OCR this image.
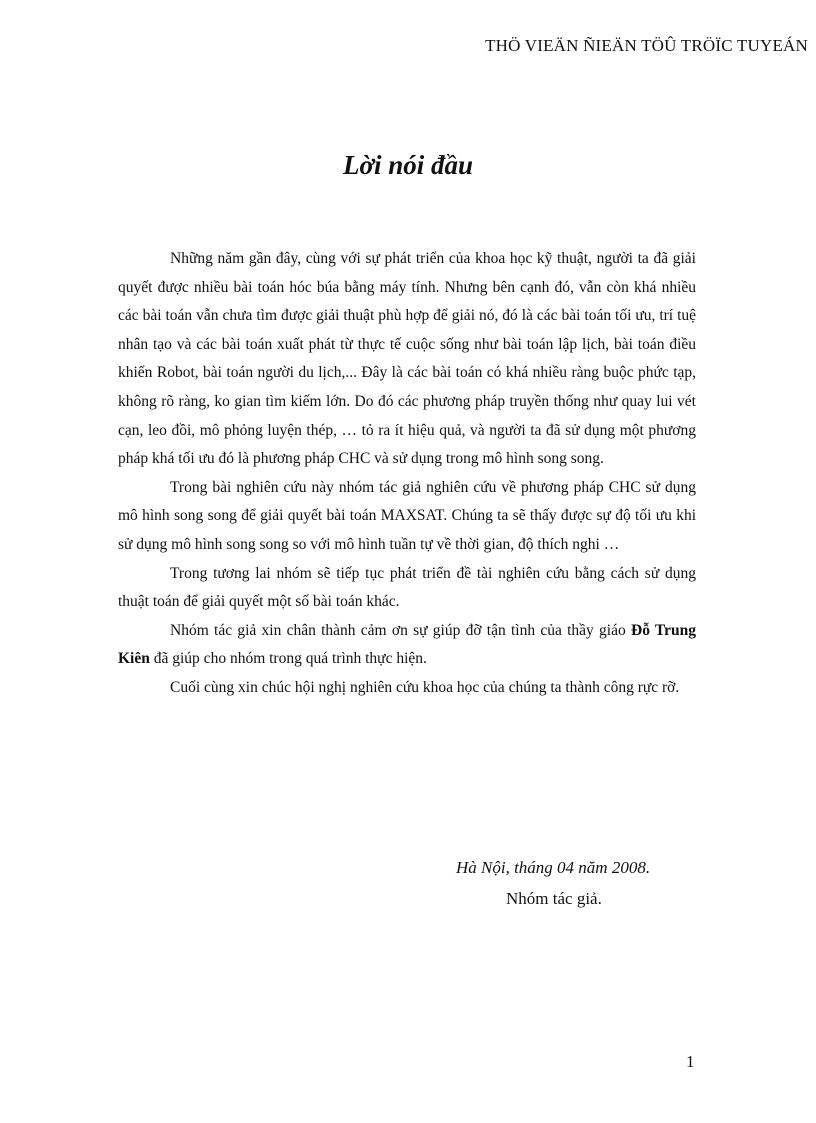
THÖ VIEÄN ÑIEÄN TÖÛ TRÖÏC TUYEÁN
Lời nói đầu

Những năm gần đây, cùng với sự phát triển của khoa học kỹ thuật, người ta đã giải quyết được nhiều bài toán hóc búa bằng máy tính. Nhưng bên cạnh đó, vẫn còn khá nhiều các bài toán vẫn chưa tìm được giải thuật phù hợp để giải nó, đó là các bài toán tối ưu, trí tuệ nhân tạo và các bài toán xuất phát từ thực tế cuộc sống như bài toán lập lịch, bài toán điều khiển Robot, bài toán người du lịch,... Đây là các bài toán có khá nhiều ràng buộc phức tạp, không rõ ràng, ko gian tìm kiếm lớn. Do đó các phương pháp truyền thống như quay lui vét cạn, leo đồi, mô phỏng luyện thép, … tỏ ra ít hiệu quả, và người ta đã sử dụng một phương pháp khá tối ưu đó là phương pháp CHC và sử dụng trong mô hình song song.

Trong bài nghiên cứu này nhóm tác giả nghiên cứu về phương pháp CHC sử dụng mô hình song song để giải quyết bài toán MAXSAT. Chúng ta sẽ thấy được sự độ tối ưu khi sử dụng mô hình song song so với mô hình tuần tự về thời gian, độ thích nghi …

Trong tương lai nhóm sẽ tiếp tục phát triển đề tài nghiên cứu bằng cách sử dụng thuật toán để giải quyết một số bài toán khác.

Nhóm tác giả xin chân thành cảm ơn sự giúp đỡ tận tình của thầy giáo Đỗ Trung Kiên đã giúp cho nhóm trong quá trình thực hiện.

Cuối cùng xin chúc hội nghị nghiên cứu khoa học của chúng ta thành công rực rỡ.

Hà Nội, tháng 04 năm 2008.
Nhóm tác giả.
1
